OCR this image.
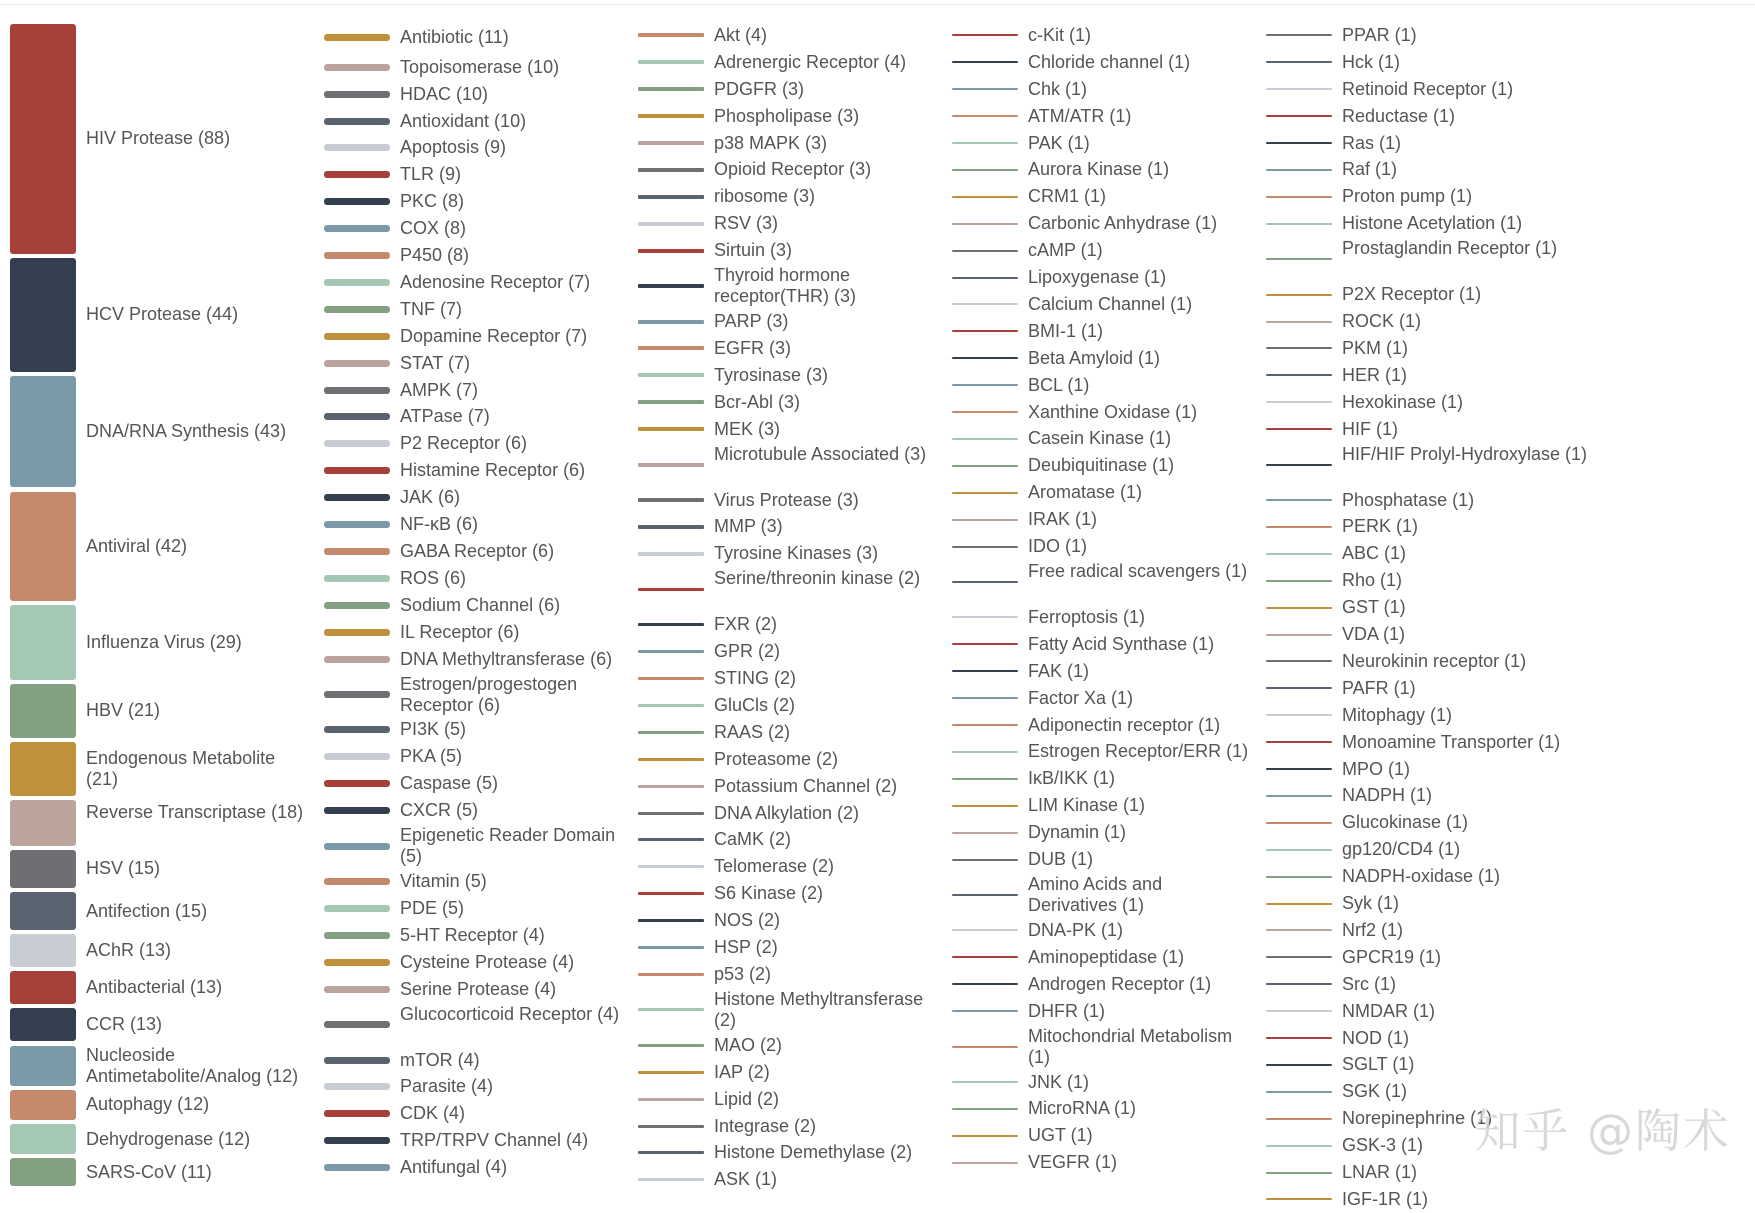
HIV Protease (88)
HCV Protease (44)
DNA/RNA Synthesis (43)
Antiviral (42)
Influenza Virus (29)
HBV (21)
Endogenous Metabolite (21)
Reverse Transcriptase (18)
HSV (15)
Antifection (15)
AChR (13)
Antibacterial (13)
CCR (13)
Nucleoside Antimetabolite/Analog (12)
Autophagy (12)
Dehydrogenase (12)
SARS-CoV (11)
Antibiotic (11)
Topoisomerase (10)
HDAC (10)
Antioxidant (10)
Apoptosis (9)
TLR (9)
PKC (8)
COX (8)
P450 (8)
Adenosine Receptor (7)
TNF (7)
Dopamine Receptor (7)
STAT (7)
AMPK (7)
ATPase (7)
P2 Receptor (6)
Histamine Receptor (6)
JAK (6)
NF-κB (6)
GABA Receptor (6)
ROS (6)
Sodium Channel (6)
IL Receptor (6)
DNA Methyltransferase (6)
Estrogen/progestogen Receptor (6)
PI3K (5)
PKA (5)
Caspase (5)
CXCR (5)
Epigenetic Reader Domain (5)
Vitamin (5)
PDE (5)
5-HT Receptor (4)
Cysteine Protease (4)
Serine Protease (4)
Glucocorticoid Receptor (4)
mTOR (4)
Parasite (4)
CDK (4)
TRP/TRPV Channel (4)
Antifungal (4)
Akt (4)
Adrenergic Receptor (4)
PDGFR (3)
Phospholipase (3)
p38 MAPK (3)
Opioid Receptor (3)
ribosome (3)
RSV (3)
Sirtuin (3)
Thyroid hormone receptor(THR) (3)
PARP (3)
EGFR (3)
Tyrosinase (3)
Bcr-Abl (3)
MEK (3)
Microtubule Associated (3)
Virus Protease (3)
MMP (3)
Tyrosine Kinases (3)
Serine/threonin kinase (2)
FXR (2)
GPR (2)
STING (2)
GluCls (2)
RAAS (2)
Proteasome (2)
Potassium Channel (2)
DNA Alkylation (2)
CaMK (2)
Telomerase (2)
S6 Kinase (2)
NOS (2)
HSP (2)
p53 (2)
Histone Methyltransferase (2)
MAO (2)
IAP (2)
Lipid (2)
Integrase (2)
Histone Demethylase (2)
ASK (1)
c-Kit (1)
Chloride channel (1)
Chk (1)
ATM/ATR (1)
PAK (1)
Aurora Kinase (1)
CRM1 (1)
Carbonic Anhydrase (1)
cAMP (1)
Lipoxygenase (1)
Calcium Channel (1)
BMI-1 (1)
Beta Amyloid (1)
BCL (1)
Xanthine Oxidase (1)
Casein Kinase (1)
Deubiquitinase (1)
Aromatase (1)
IRAK (1)
IDO (1)
Free radical scavengers (1)
Ferroptosis (1)
Fatty Acid Synthase (1)
FAK (1)
Factor Xa (1)
Adiponectin receptor (1)
Estrogen Receptor/ERR (1)
IκB/IKK (1)
LIM Kinase (1)
Dynamin (1)
DUB (1)
Amino Acids and Derivatives (1)
DNA-PK (1)
Aminopeptidase (1)
Androgen Receptor (1)
DHFR (1)
Mitochondrial Metabolism (1)
JNK (1)
MicroRNA (1)
UGT (1)
VEGFR (1)
PPAR (1)
Hck (1)
Retinoid Receptor (1)
Reductase (1)
Ras (1)
Raf (1)
Proton pump (1)
Histone Acetylation (1)
Prostaglandin Receptor (1)
P2X Receptor (1)
ROCK (1)
PKM (1)
HER (1)
Hexokinase (1)
HIF (1)
HIF/HIF Prolyl-Hydroxylase (1)
Phosphatase (1)
PERK (1)
ABC (1)
Rho (1)
GST (1)
VDA (1)
Neurokinin receptor (1)
PAFR (1)
Mitophagy (1)
Monoamine Transporter (1)
MPO (1)
NADPH (1)
Glucokinase (1)
gp120/CD4 (1)
NADPH-oxidase (1)
Syk (1)
Nrf2 (1)
GPCR19 (1)
Src (1)
NMDAR (1)
NOD (1)
SGLT (1)
SGK (1)
Norepinephrine (1)
GSK-3 (1)
LNAR (1)
IGF-1R (1)
知乎 @陶术
